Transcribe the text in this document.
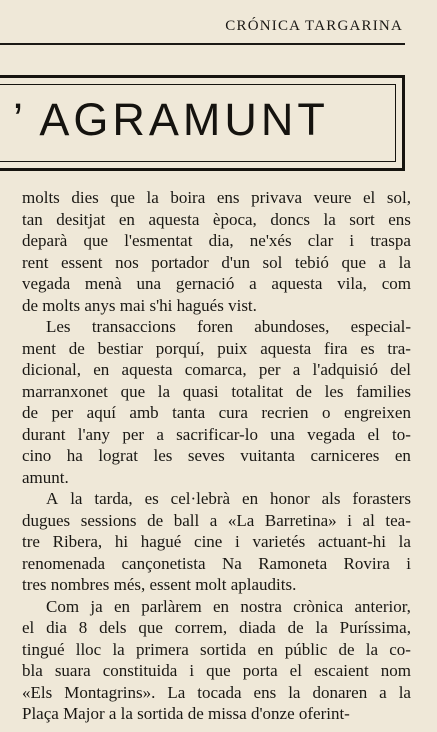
CRÓNICA TARGARINA
’ AGRAMUNT
molts dies que la boira ens privava veure el sol,
tan desitjat en aquesta època, doncs la sort ens
deparà que l'esmentat dia, ne'xés clar i traspa
rent essent nos portador d'un sol tebió que a la
vegada menà una gernació a aquesta vila, com
de molts anys mai s'hi hagués vist.
Les transaccions foren abundoses, especial-
ment de bestiar porquí, puix aquesta fira es tra-
dicional, en aquesta comarca, per a l'adquisió del
marranxonet que la quasi totalitat de les families
de per aquí amb tanta cura recrien o engreixen
durant l'any per a sacrificar-lo una vegada el to-
cino ha lograt les seves vuitanta carniceres en
amunt.
A la tarda, es cel·lebrà en honor als forasters
dugues sessions de ball a «La Barretina» i al tea-
tre Ribera, hi hagué cine i varietés actuant-hi la
renomenada cançonetista Na Ramoneta Rovira i
tres nombres més, essent molt aplaudits.
Com ja en parlàrem en nostra crònica anterior,
el dia 8 dels que correm, diada de la Puríssima,
tingué lloc la primera sortida en públic de la co-
bla suara constituida i que porta el escaient nom
«Els Montagrins». La tocada ens la donaren a la
Plaça Major a la sortida de missa d'onze oferint-
